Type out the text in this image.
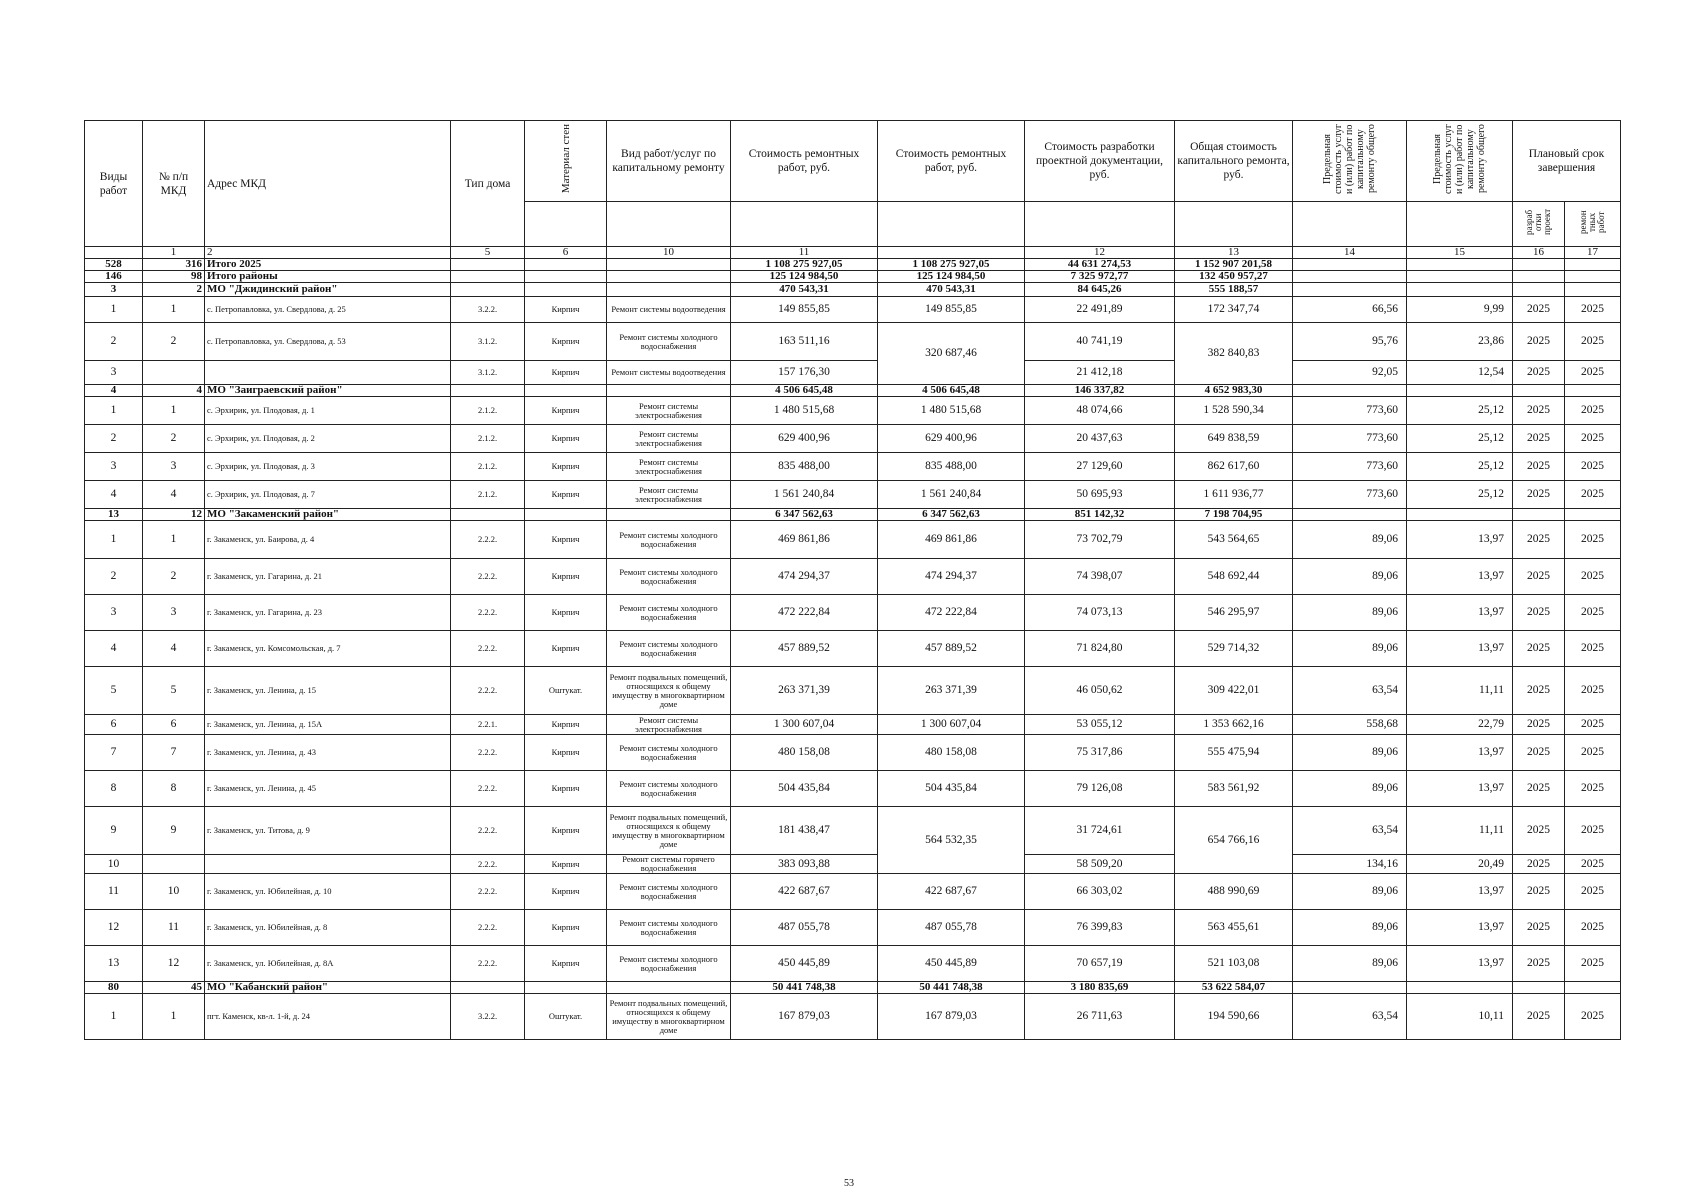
Виды работ	№ п/п МКД	Адрес МКД	Тип дома	Материал стен	Вид работ/услуг по капитальному ремонту	Стоимость ремонтных работ, руб.	Стоимость ремонтных работ, руб.	Стоимость разработки проектной документации, руб.	Общая стоимость капитального ремонта, руб.	Предельная стоимость услуг и (или) работ по капитальному ремонту общего	Предельная стоимость услуг и (или) работ по капитальному ремонту общего	Плановый срок завершения	
												разраб отки проект	ремон тных работ
	1	2	5	6	10	11		12	13	14	15	16	17
528	316	Итого 2025				1 108 275 927,05	1 108 275 927,05	44 631 274,53	1 152 907 201,58				
146	98	Итого районы				125 124 984,50	125 124 984,50	7 325 972,77	132 450 957,27				
3	2	МО "Джидинский район"				470 543,31	470 543,31	84 645,26	555 188,57				
1	1	с. Петропавловка, ул. Свердлова, д. 25	3.2.2.	Кирпич	Ремонт системы водоотведения	149 855,85	149 855,85	22 491,89	172 347,74	66,56	9,99	2025	2025
2	2	с. Петропавловка, ул. Свердлова, д. 53	3.1.2.	Кирпич	Ремонт системы холодного водоснабжения	163 511,16	320 687,46	40 741,19	382 840,83	95,76	23,86	2025	2025
3			3.1.2.	Кирпич	Ремонт системы водоотведения	157 176,30		21 412,18		92,05	12,54	2025	2025
4	4	МО "Заиграевский район"				4 506 645,48	4 506 645,48	146 337,82	4 652 983,30				
1	1	с. Эрхирик, ул. Плодовая, д. 1	2.1.2.	Кирпич	Ремонт системы электроснабжения	1 480 515,68	1 480 515,68	48 074,66	1 528 590,34	773,60	25,12	2025	2025
2	2	с. Эрхирик, ул. Плодовая, д. 2	2.1.2.	Кирпич	Ремонт системы электроснабжения	629 400,96	629 400,96	20 437,63	649 838,59	773,60	25,12	2025	2025
3	3	с. Эрхирик, ул. Плодовая, д. 3	2.1.2.	Кирпич	Ремонт системы электроснабжения	835 488,00	835 488,00	27 129,60	862 617,60	773,60	25,12	2025	2025
4	4	с. Эрхирик, ул. Плодовая, д. 7	2.1.2.	Кирпич	Ремонт системы электроснабжения	1 561 240,84	1 561 240,84	50 695,93	1 611 936,77	773,60	25,12	2025	2025
13	12	МО "Закаменский район"				6 347 562,63	6 347 562,63	851 142,32	7 198 704,95				
1	1	г. Закаменск, ул. Баирова, д. 4	2.2.2.	Кирпич	Ремонт системы холодного водоснабжения	469 861,86	469 861,86	73 702,79	543 564,65	89,06	13,97	2025	2025
2	2	г. Закаменск, ул. Гагарина, д. 21	2.2.2.	Кирпич	Ремонт системы холодного водоснабжения	474 294,37	474 294,37	74 398,07	548 692,44	89,06	13,97	2025	2025
3	3	г. Закаменск, ул. Гагарина, д. 23	2.2.2.	Кирпич	Ремонт системы холодного водоснабжения	472 222,84	472 222,84	74 073,13	546 295,97	89,06	13,97	2025	2025
4	4	г. Закаменск, ул. Комсомольская, д. 7	2.2.2.	Кирпич	Ремонт системы холодного водоснабжения	457 889,52	457 889,52	71 824,80	529 714,32	89,06	13,97	2025	2025
5	5	г. Закаменск, ул. Ленина, д. 15	2.2.2.	Оштукат.	Ремонт подвальных помещений, относящихся к общему имуществу в многоквартирном доме	263 371,39	263 371,39	46 050,62	309 422,01	63,54	11,11	2025	2025
6	6	г. Закаменск, ул. Ленина, д. 15А	2.2.1.	Кирпич	Ремонт системы электроснабжения	1 300 607,04	1 300 607,04	53 055,12	1 353 662,16	558,68	22,79	2025	2025
7	7	г. Закаменск, ул. Ленина, д. 43	2.2.2.	Кирпич	Ремонт системы холодного водоснабжения	480 158,08	480 158,08	75 317,86	555 475,94	89,06	13,97	2025	2025
8	8	г. Закаменск, ул. Ленина, д. 45	2.2.2.	Кирпич	Ремонт системы холодного водоснабжения	504 435,84	504 435,84	79 126,08	583 561,92	89,06	13,97	2025	2025
9	9	г. Закаменск, ул. Титова, д. 9	2.2.2.	Кирпич	Ремонт подвальных помещений, относящихся к общему имуществу в многоквартирном доме	181 438,47	564 532,35	31 724,61	654 766,16	63,54	11,11	2025	2025
10			2.2.2.	Кирпич	Ремонт системы горячего водоснабжения	383 093,88		58 509,20		134,16	20,49	2025	2025
11	10	г. Закаменск, ул. Юбилейная, д. 10	2.2.2.	Кирпич	Ремонт системы холодного водоснабжения	422 687,67	422 687,67	66 303,02	488 990,69	89,06	13,97	2025	2025
12	11	г. Закаменск, ул. Юбилейная, д. 8	2.2.2.	Кирпич	Ремонт системы холодного водоснабжения	487 055,78	487 055,78	76 399,83	563 455,61	89,06	13,97	2025	2025
13	12	г. Закаменск, ул. Юбилейная, д. 8А	2.2.2.	Кирпич	Ремонт системы холодного водоснабжения	450 445,89	450 445,89	70 657,19	521 103,08	89,06	13,97	2025	2025
80	45	МО "Кабанский район"				50 441 748,38	50 441 748,38	3 180 835,69	53 622 584,07				
1	1	пгт. Каменск, кв-л. 1-й, д. 24	3.2.2.	Оштукат.	Ремонт подвальных помещений, относящихся к общему имуществу в многоквартирном доме	167 879,03	167 879,03	26 711,63	194 590,66	63,54	10,11	2025	2025
53
